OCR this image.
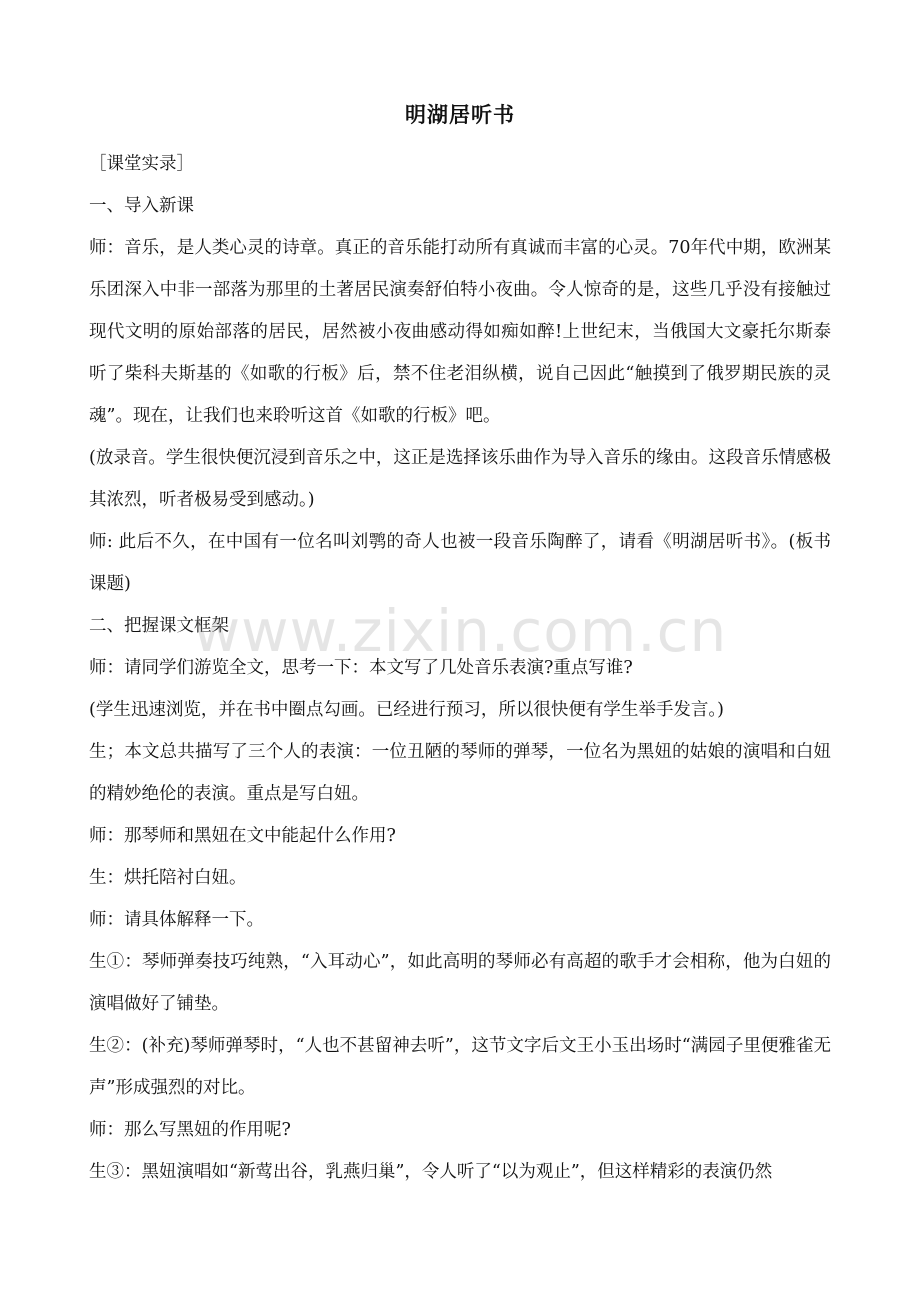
明湖居听书

［课堂实录］

一、导入新课

师：音乐，是人类心灵的诗章。真正的音乐能打动所有真诚而丰富的心灵。70年代中期，欧洲某乐团深入中非一部落为那里的土著居民演奏舒伯特小夜曲。令人惊奇的是，这些几乎没有接触过现代文明的原始部落的居民，居然被小夜曲感动得如痴如醉!上世纪末，当俄国大文豪托尔斯泰听了柴科夫斯基的《如歌的行板》后，禁不住老泪纵横，说自己因此“触摸到了俄罗期民族的灵魂”。现在，让我们也来聆听这首《如歌的行板》吧。

(放录音。学生很快便沉浸到音乐之中，这正是选择该乐曲作为导入音乐的缘由。这段音乐情感极其浓烈，听者极易受到感动。)

师: 此后不久，在中国有一位名叫刘鹗的奇人也被一段音乐陶醉了，请看《明湖居听书》。(板书课题)

二、把握课文框架

师：请同学们游览全文，思考一下：本文写了几处音乐表演?重点写谁?

(学生迅速浏览，并在书中圈点勾画。已经进行预习，所以很快便有学生举手发言。)

生；本文总共描写了三个人的表演：一位丑陋的琴师的弹琴，一位名为黑妞的姑娘的演唱和白妞的精妙绝伦的表演。重点是写白妞。

师：那琴师和黑妞在文中能起什么作用?

生：烘托陪衬白妞。

师：请具体解释一下。

生①：琴师弹奏技巧纯熟，“入耳动心”，如此高明的琴师必有高超的歌手才会相称，他为白妞的演唱做好了铺垫。

生②：(补充)琴师弹琴时，“人也不甚留神去听”，这节文字后文王小玉出场时“满园子里便雅雀无声”形成强烈的对比。

师：那么写黑妞的作用呢?

生③：黑妞演唱如“新莺出谷，乳燕归巢”，令人听了“以为观止”，但这样精彩的表演仍然

www.zixin.com.cn
